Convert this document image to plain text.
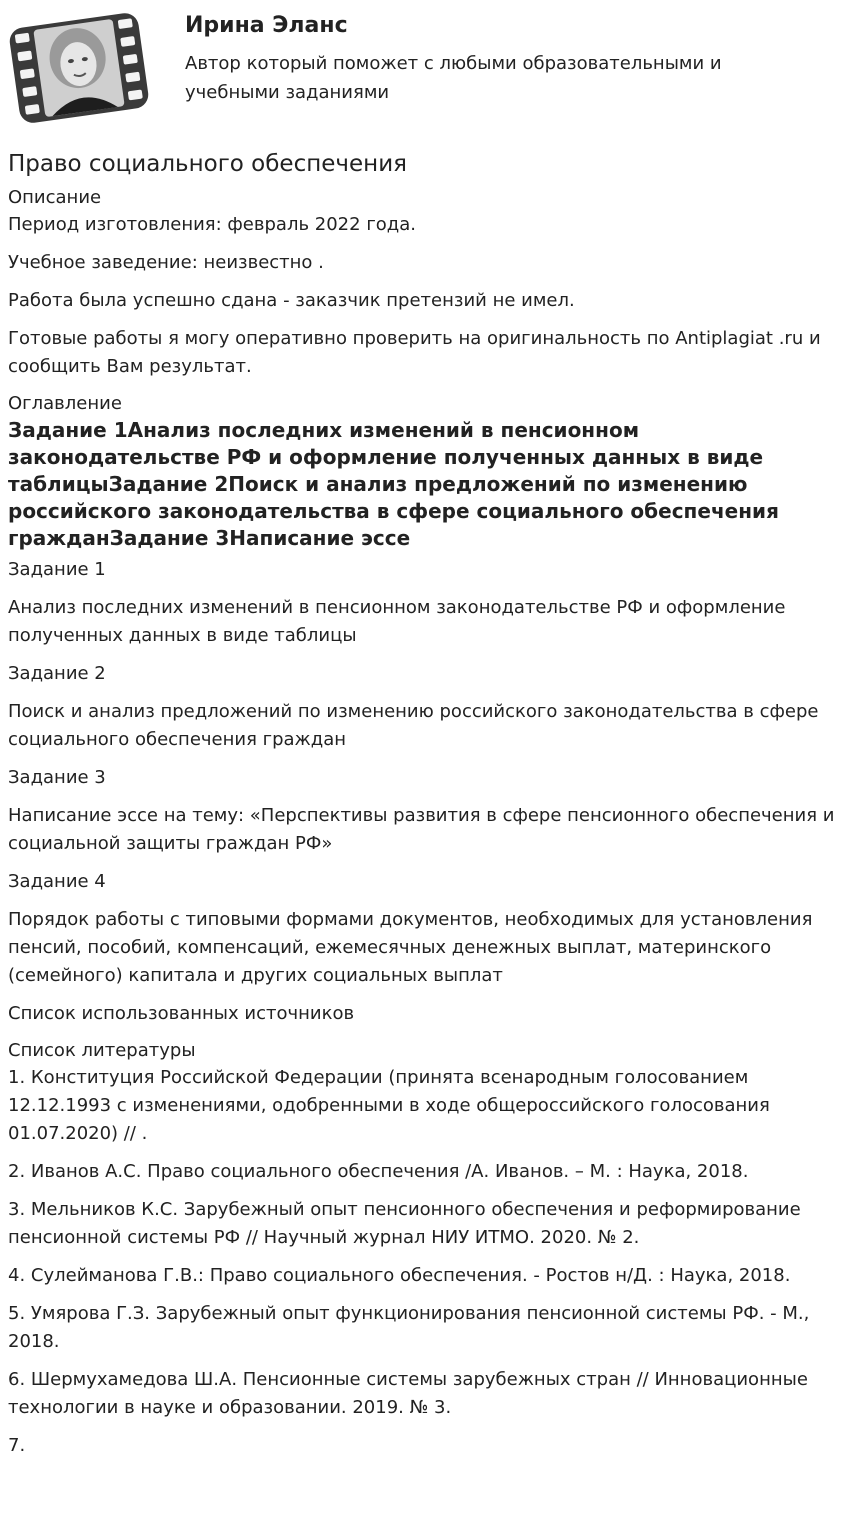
Ирина Эланс
Автор который поможет с любыми образовательными и учебными заданиями
Право социального обеспечения

Описание

Период изготовления: февраль 2022 года.

Учебное заведение: неизвестно .

Работа была успешно сдана - заказчик претензий не имел.

Готовые работы я могу оперативно проверить на оригинальность по Antiplagiat .ru и сообщить Вам результат.

Оглавление

Задание 1Анализ последних изменений в пенсионном законодательстве РФ и оформление полученных данных в виде таблицыЗадание 2Поиск и анализ предложений по изменению российского законодательства в сфере социального обеспечения гражданЗадание 3Написание эссе

Задание 1

Анализ последних изменений в пенсионном законодательстве РФ и оформление полученных данных в виде таблицы

Задание 2

Поиск и анализ предложений по изменению российского законодательства в сфере социального обеспечения граждан

Задание 3

Написание эссе на тему: «Перспективы развития в сфере пенсионного обеспечения и социальной защиты граждан РФ»

Задание 4

Порядок работы с типовыми формами документов, необходимых для установления пенсий, пособий, компенсаций, ежемесячных денежных выплат, материнского (семейного) капитала и других социальных выплат

Список использованных источников

Список литературы

1. Конституция Российской Федерации (принята всенародным голосованием 12.12.1993 с изменениями, одобренными в ходе общероссийского голосования 01.07.2020) // .

2. Иванов А.С. Право социального обеспечения /А. Иванов. – М. : Наука, 2018.

3. Мельников К.С. Зарубежный опыт пенсионного обеспечения и реформирование пенсионной системы РФ // Научный журнал НИУ ИТМО. 2020. № 2.

4. Сулейманова Г.В.: Право социального обеспечения. - Ростов н/Д. : Наука, 2018.

5. Умярова Г.З. Зарубежный опыт функционирования пенсионной системы РФ. - М., 2018.

6. Шермухамедова Ш.А. Пенсионные системы зарубежных стран // Инновационные технологии в науке и образовании. 2019. № 3.

7.
